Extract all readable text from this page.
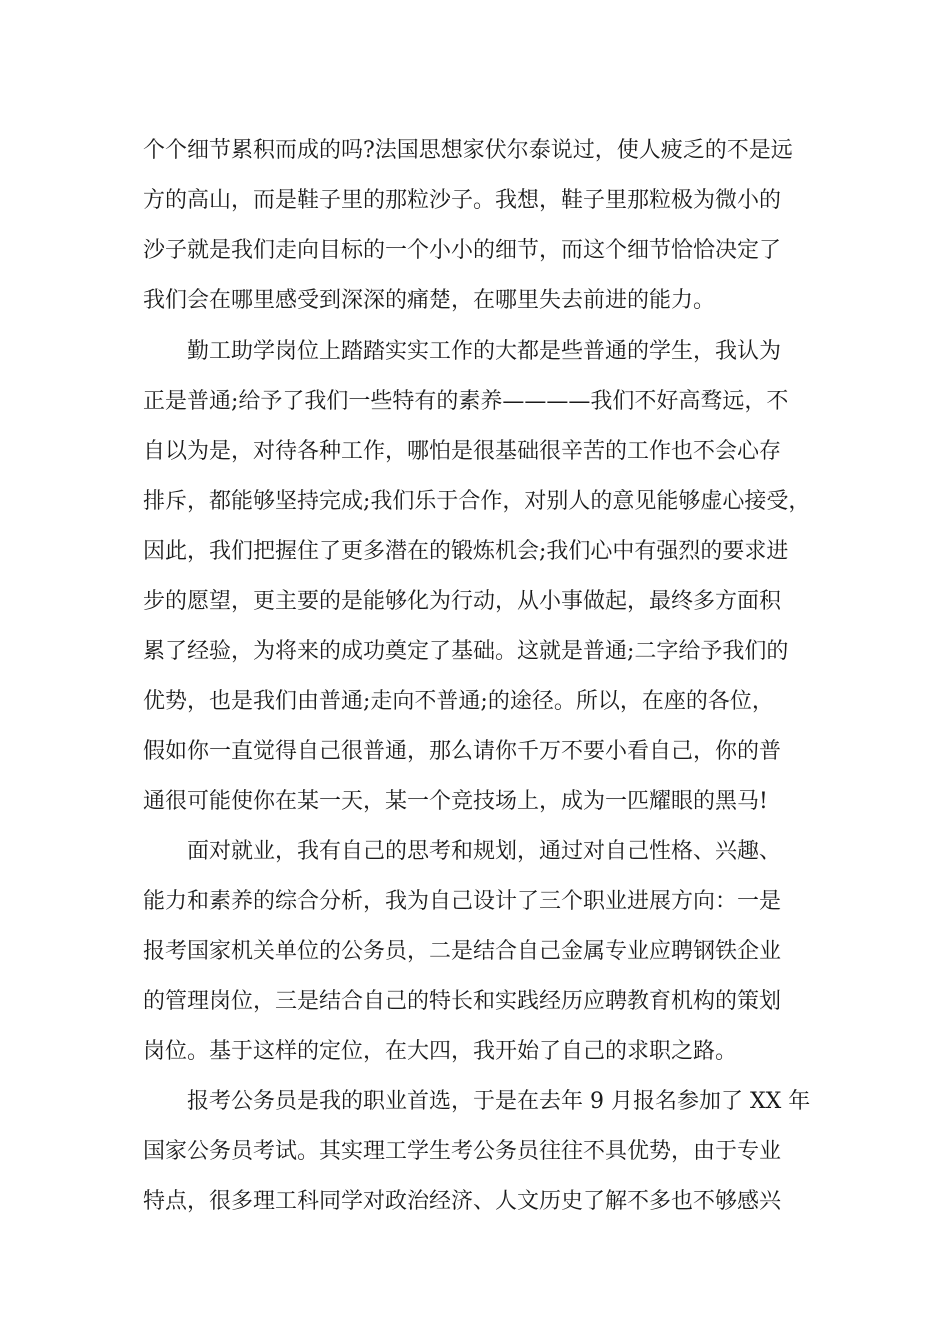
个个细节累积而成的吗?法国思想家伏尔泰说过，使人疲乏的不是远
方的高山，而是鞋子里的那粒沙子。我想，鞋子里那粒极为微小的
沙子就是我们走向目标的一个小小的细节，而这个细节恰恰决定了
我们会在哪里感受到深深的痛楚，在哪里失去前进的能力。
勤工助学岗位上踏踏实实工作的大都是些普通的学生，我认为
正是普通;给予了我们一些特有的素养————我们不好高骛远，不
自以为是，对待各种工作，哪怕是很基础很辛苦的工作也不会心存
排斥，都能够坚持完成;我们乐于合作，对别人的意见能够虚心接受，
因此，我们把握住了更多潜在的锻炼机会;我们心中有强烈的要求进
步的愿望，更主要的是能够化为行动，从小事做起，最终多方面积
累了经验，为将来的成功奠定了基础。这就是普通;二字给予我们的
优势，也是我们由普通;走向不普通;的途径。所以，在座的各位，
假如你一直觉得自己很普通，那么请你千万不要小看自己，你的普
通很可能使你在某一天，某一个竞技场上，成为一匹耀眼的黑马!
面对就业，我有自己的思考和规划，通过对自己性格、兴趣、
能力和素养的综合分析，我为自己设计了三个职业进展方向：一是
报考国家机关单位的公务员，二是结合自己金属专业应聘钢铁企业
的管理岗位，三是结合自己的特长和实践经历应聘教育机构的策划
岗位。基于这样的定位，在大四，我开始了自己的求职之路。
报考公务员是我的职业首选，于是在去年 9 月报名参加了 XX 年
国家公务员考试。其实理工学生考公务员往往不具优势，由于专业
特点，很多理工科同学对政治经济、人文历史了解不多也不够感兴
